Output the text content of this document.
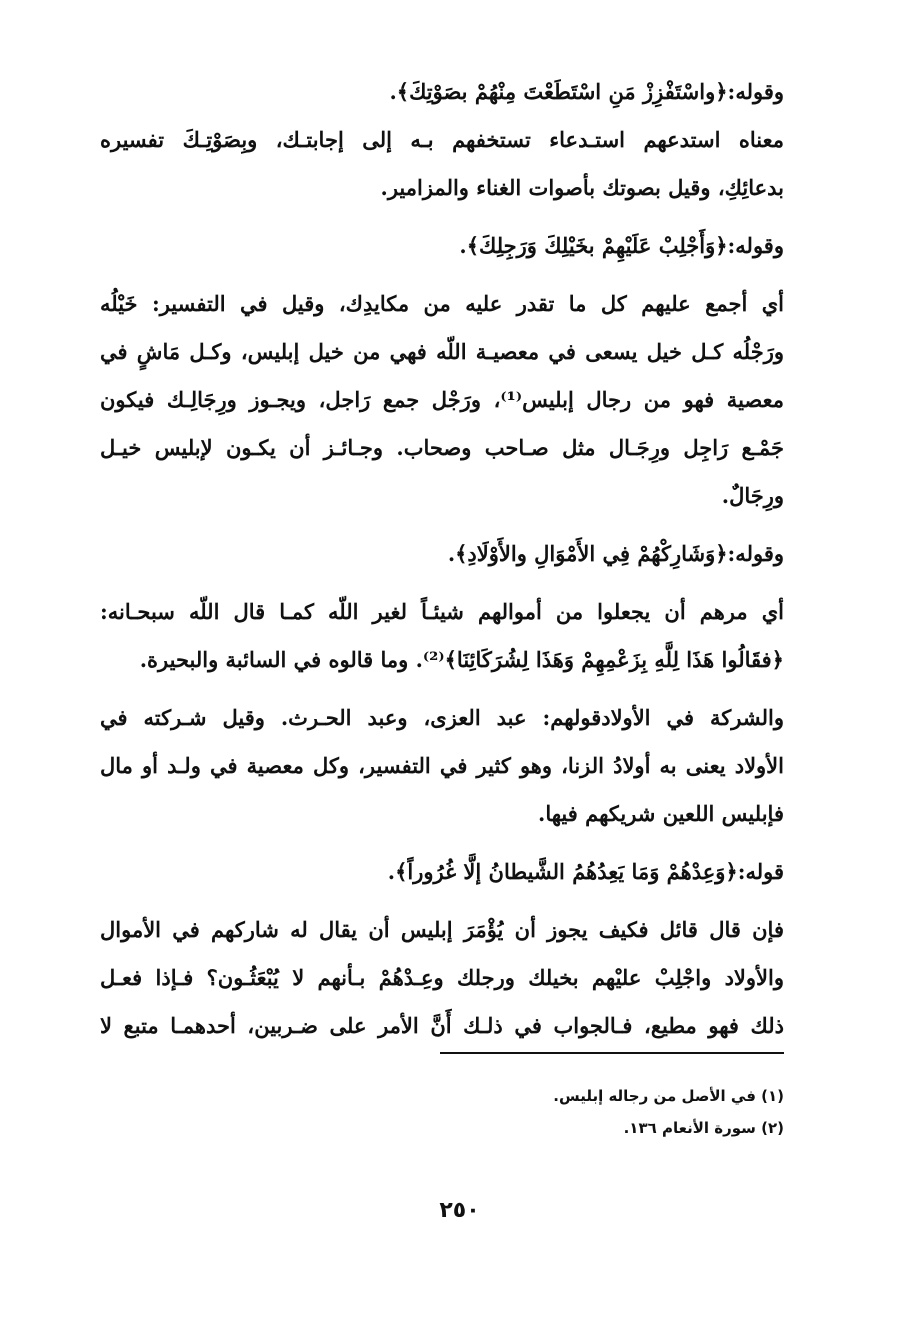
وقوله:﴿واسْتَفْزِزْ مَنِ اسْتَطَعْتَ مِنْهُمْ بصَوْتِكَ﴾.
معناه استدعهم استـدعاء تستخفهم بـه إلى إجابتـك، وبِصَوْتِـكَ تفسيره
بدعائِكِ، وقيل بصوتك بأصوات الغناء والمزامير.
وقوله:﴿وَأَجْلِبْ عَلَيْهِمْ بخَيْلِكَ وَرَجِلِكَ﴾.
أي أجمع عليهم كل ما تقدر عليه من مكايدِك، وقيل في التفسير: خَيْلُه
ورَجْلُه كـل خيل يسعى في معصيـة اللّه فهي من خيل إبليس، وكـل مَاشٍ في
معصية فهو من رجال إبليس⁽¹⁾، ورَجْل جمع رَاجل، ويجـوز ورِجَالِـك فيكون
جَمْـع رَاجِل ورِجَـال مثل صـاحب وصحاب. وجـائـز أن يكـون لإبليس خيـل
ورِجَالٌ.
وقوله:﴿وَشَارِكْهُمْ فِي الأَمْوَالِ والأَوْلَادِ﴾.
أي مرهم أن يجعلوا من أموالهم شيئـاً لغير اللّه كمـا قال اللّه سبحـانه:
﴿فقَالُوا هَذَا لِلَّهِ بِزَعْمِهِمْ وَهَذَا لِشُرَكَائِنَا﴾⁽²⁾. وما قالوه في السائبة والبحيرة.
والشركة في الأولادقولهم: عبد العزى، وعبد الحـرث. وقيل شـركته في
الأولاد يعنى به أولادُ الزنا، وهو كثير في التفسير، وكل معصية في ولـد أو مال
فإبليس اللعين شريكهم فيها.
قوله:﴿وَعِدْهُمْ وَمَا يَعِدُهُمُ الشَّيطانُ إلَّا غُرُوراً﴾.
فإن قال قائل فكيف يجوز أن يُؤْمَرَ إبليس أن يقال له شاركهم في الأموال
والأولاد واجْلِبْ عليْهم بخيلك ورجلك وعِـدْهُمْ بـأنهم لا يُبْعَثُـون؟ فـإذا فعـل
ذلك فهو مطيع، فـالجواب في ذلـك أَنَّ الأمر على ضـربين، أحدهمـا متبع لا
(١) في الأصل من رجاله إبليس.
(٢) سورة الأنعام ١٣٦.
٢٥٠
